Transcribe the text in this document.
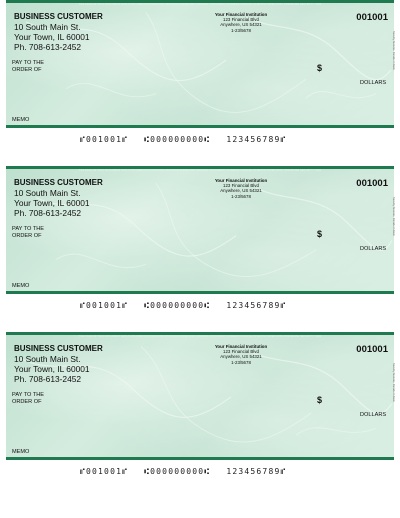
THE FACE OF THIS DOCUMENT HAS A COLORED BACKGROUND ON WHITE PAPER AND ORIGINAL DOCUMENT SCREENS DAMAGE IN WHITE PAPER WITH PRESSURE SECURITY ITEM
BUSINESS CUSTOMER
10 South Main St.
Your Town, IL 60001
Ph. 708-613-2452
Your Financial Institution
123 Financial Blvd
Anywhere, US 54321
1-23/5678
001001
PAY TO THE
ORDER OF	$
DOLLARS
MEMO
Security features. Details on back.
⑈001001⑈ ⑆000000000⑆ 123456789⑈
THE FACE OF THIS DOCUMENT HAS A COLORED BACKGROUND ON WHITE PAPER AND ORIGINAL DOCUMENT SCREENS DAMAGE IN WHITE PAPER WITH PRESSURE SECURITY ITEM
BUSINESS CUSTOMER
10 South Main St.
Your Town, IL 60001
Ph. 708-613-2452
Your Financial Institution
123 Financial Blvd
Anywhere, US 54321
1-23/5678
001001
PAY TO THE
ORDER OF	$
DOLLARS
MEMO
Security features. Details on back.
⑈001001⑈ ⑆000000000⑆ 123456789⑈
THE FACE OF THIS DOCUMENT HAS A COLORED BACKGROUND ON WHITE PAPER AND ORIGINAL DOCUMENT SCREENS DAMAGE IN WHITE PAPER WITH PRESSURE SECURITY ITEM
BUSINESS CUSTOMER
10 South Main St.
Your Town, IL 60001
Ph. 708-613-2452
Your Financial Institution
123 Financial Blvd
Anywhere, US 54321
1-23/5678
001001
PAY TO THE
ORDER OF	$
DOLLARS
MEMO
Security features. Details on back.
⑈001001⑈ ⑆000000000⑆ 123456789⑈
